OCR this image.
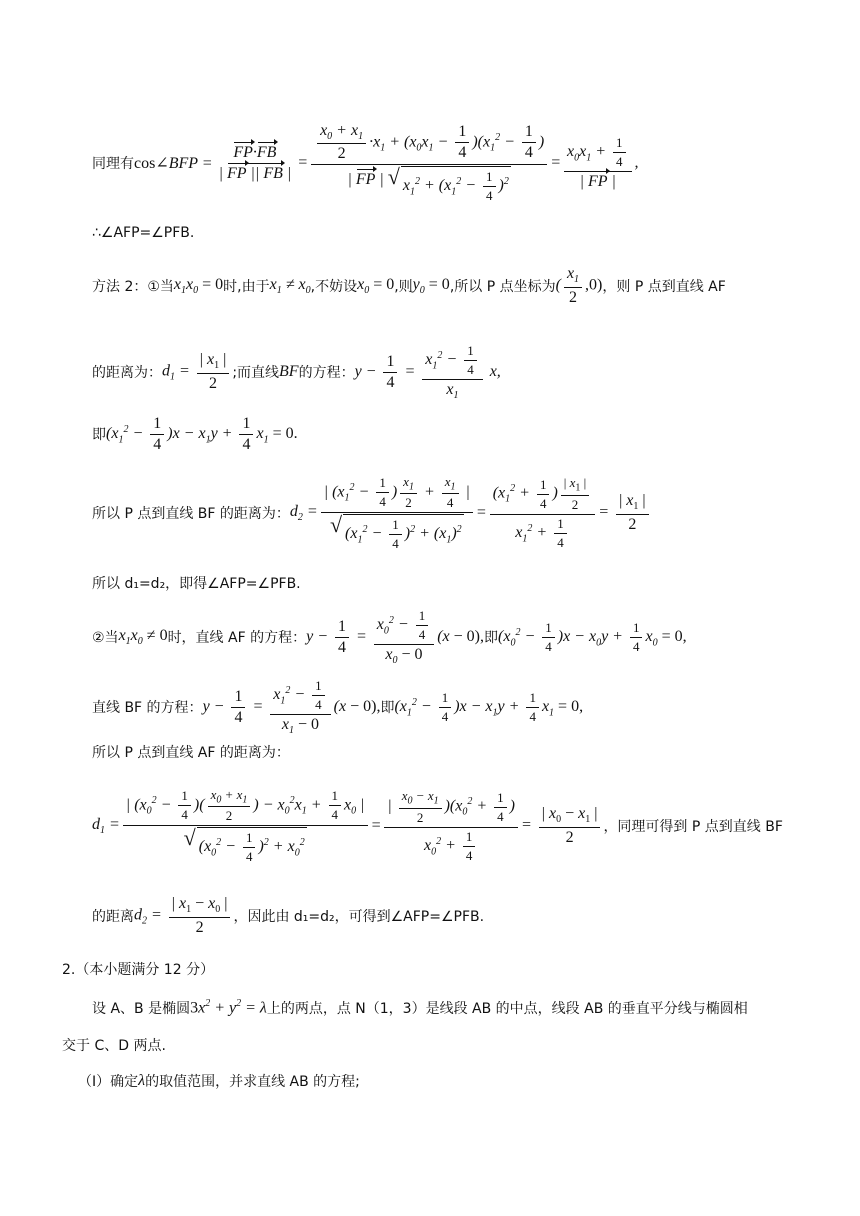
同理有 cos∠BFP = $\frac{FP\cdot FB}{| FP || FB |} = \frac{\frac{x_0 + x_1}{2} \cdot x_1 + (x_0x_1 - \frac{1}{4} )(x_1^2 - \frac{1}{4} )}{| FP | √ x_1^2 + (x_1^2 - \frac{1}{4} )^2} = \frac{x_0x_1 + \frac{1}{4}}{| FP |}$ ,
∴∠AFP=∠PFB.
方法 2：①当 $x_1x_0 = 0$ 时,由于 $x_1 \ne x_0$ ,不妨设 $x_0 = 0$ ,则 $y_0 = 0$ ,所以 P 点坐标为 ( $\frac{x_1}{2} ,0$) ，则 P 点到直线 AF
的距离为： $d_1 = \frac{| x_1 |}{2}$ ;而直线 BF 的方程： $y - \frac{1}{4} = \frac{x_1^2 - \frac{1}{4}}{x_1} x$,
即 $(x_1^2 - \frac{1}{4} )x - x_1y + \frac{1}{4} x_1 = 0$.
所以 P 点到直线 BF 的距离为： $d_2 = \frac{| (x_1^2 - \frac{1}{4} ) \frac{x_1}{2} + \frac{x_1}{4} |}{√ (x_1^2 - \frac{1}{4} )^2 + (x_1)^2} = \frac{(x_1^2 + \frac{1}{4} ) \frac{| x_1 |}{2}}{x_1^2 + \frac{1}{4}} = \frac{| x_1 |}{2}$
所以 d₁=d₂，即得∠AFP=∠PFB.
②当 $x_1x_0 \ne 0$ 时，直线 AF 的方程： $y - \frac{1}{4} = \frac{x_0^2 - \frac{1}{4}}{x_0 - 0} (x - 0)$, 即 $(x_0^2 - \frac{1}{4} )x - x_0y + \frac{1}{4} x_0 = 0$,
直线 BF 的方程： $y - \frac{1}{4} = \frac{x_1^2 - \frac{1}{4}}{x_1 - 0} (x - 0)$, 即 $(x_1^2 - \frac{1}{4} )x - x_1y + \frac{1}{4} x_1 = 0$,
所以 P 点到直线 AF 的距离为：
$d_1 = \frac{| (x_0^2 - \frac{1}{4} )( \frac{x_0 + x_1}{2} ) - x_0^2x_1 + \frac{1}{4} x_0 |}{√ (x_0^2 - \frac{1}{4} )^2 + x_0^2} = \frac{| \frac{x_0 - x_1}{2} )(x_0^2 + \frac{1}{4} )}{x_0^2 + \frac{1}{4}} = \frac{| x_0 - x_1 |}{2}$ ，同理可得到 P 点到直线 BF
的距离 $d_2 = \frac{| x_1 - x_0 |}{2}$ ，因此由 d₁=d₂，可得到∠AFP=∠PFB.
2.（本小题满分 12 分）
设 A、B 是椭圆 $3x^2 + y^2 = \lambda$ 上的两点，点 N（1，3）是线段 AB 的中点，线段 AB 的垂直平分线与椭圆相
交于 C、D 两点.
（Ⅰ）确定 λ 的取值范围，并求直线 AB 的方程;
